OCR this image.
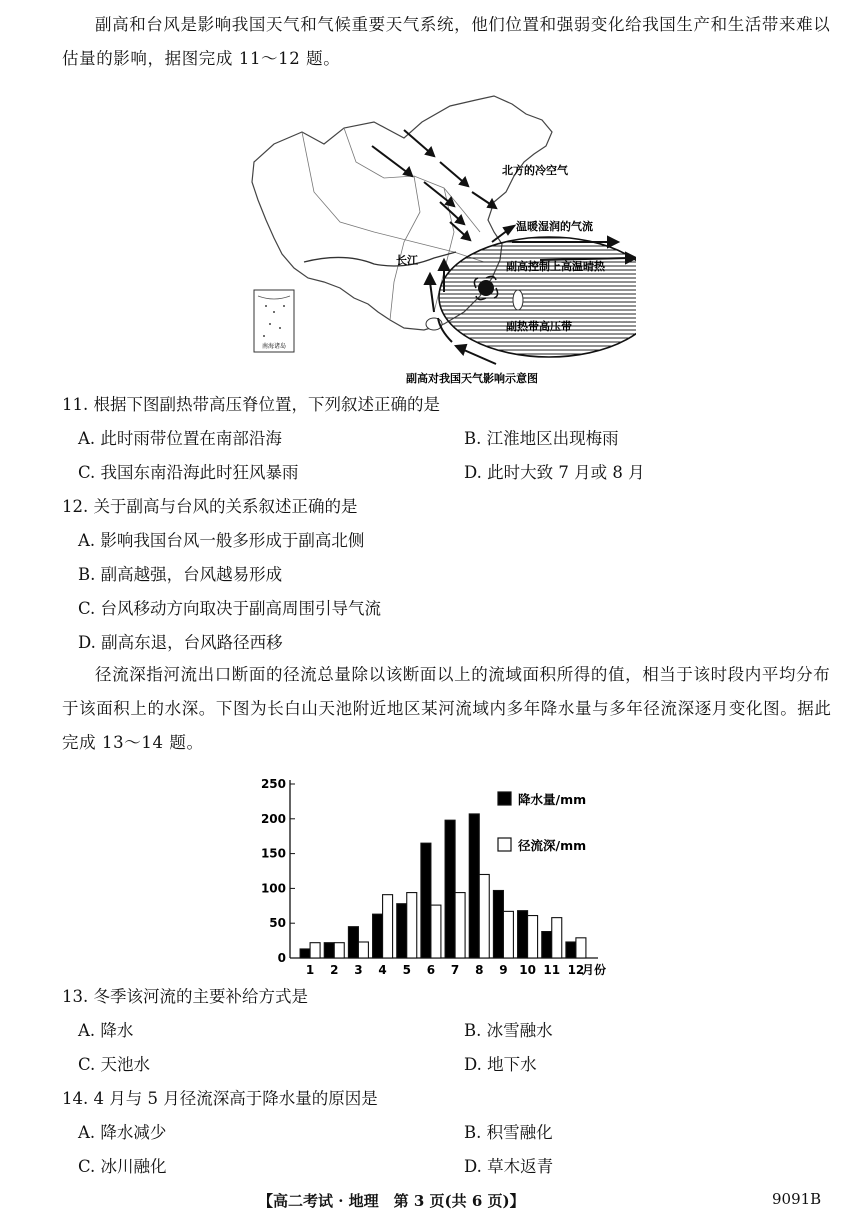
副高和台风是影响我国天气和气候重要天气系统，他们位置和强弱变化给我国生产和生活带来难以估量的影响，据图完成 11～12 题。
南海诸岛
北方的冷空气
温暖湿润的气流
长江	副高控制上高温晴热
副热带高压带
副高对我国天气影响示意图
11. 根据下图副热带高压脊位置，下列叙述正确的是
A. 此时雨带位置在南部沿海	B. 江淮地区出现梅雨
C. 我国东南沿海此时狂风暴雨	D. 此时大致 7 月或 8 月
12. 关于副高与台风的关系叙述正确的是
A. 影响我国台风一般多形成于副高北侧
B. 副高越强，台风越易形成
C. 台风移动方向取决于副高周围引导气流
D. 副高东退，台风路径西移
径流深指河流出口断面的径流总量除以该断面以上的流域面积所得的值，相当于该时段内平均分布于该面积上的水深。下图为长白山天池附近地区某河流域内多年降水量与多年径流深逐月变化图。据此完成 13～14 题。
0
50
100
150
200
250
1 2 3 4 5 6 7 8 9 10 11 12
月份
降水量/mm
径流深/mm
13. 冬季该河流的主要补给方式是
A. 降水	B. 冰雪融水
C. 天池水	D. 地下水
14. 4 月与 5 月径流深高于降水量的原因是
A. 降水减少	B. 积雪融化
C. 冰川融化	D. 草木返青
【高二考试 · 地理　第 3 页(共 6 页)】	9091B
